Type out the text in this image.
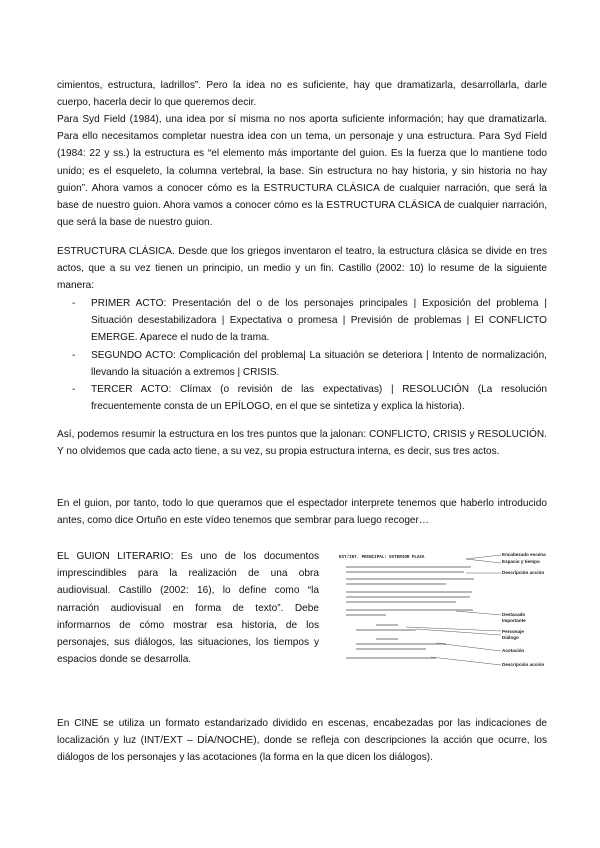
cimientos, estructura, ladrillos”. Pero la idea no es suficiente, hay que dramatizarla, desarrollarla, darle cuerpo, hacerla decir lo que queremos decir.

Para Syd Field (1984), una idea por sí misma no nos aporta suficiente información; hay que dramatizarla. Para ello necesitamos completar nuestra idea con un tema, un personaje y una estructura. Para Syd Field (1984: 22 y ss.) la estructura es “el elemento más importante del guion. Es la fuerza que lo mantiene todo unido; es el esqueleto, la columna vertebral, la base. Sin estructura no hay historia, y sin historia no hay guion”. Ahora vamos a conocer cómo es la ESTRUCTURA CLÁSICA de cualquier narración, que será la base de nuestro guion. Ahora vamos a conocer cómo es la ESTRUCTURA CLÁSICA de cualquier narración, que será la base de nuestro guion.

ESTRUCTURA CLÁSICA. Desde que los griegos inventaron el teatro, la estructura clásica se divide en tres actos, que a su vez tienen un principio, un medio y un fin. Castillo (2002: 10) lo resume de la siguiente manera:

- PRIMER ACTO: Presentación del o de los personajes principales | Exposición del problema | Situación desestabilizadora | Expectativa o promesa | Previsión de problemas | El CONFLICTO EMERGE. Aparece el nudo de la trama.
- SEGUNDO ACTO: Complicación del problema| La situación se deteriora | Intento de normalización, llevando la situación a extremos | CRISIS.
- TERCER ACTO: Clímax (o revisión de las expectativas) | RESOLUCIÓN (La resolución frecuentemente consta de un EPÍLOGO, en el que se sintetiza y explica la historia).

Así, podemos resumir la estructura en los tres puntos que la jalonan: CONFLICTO, CRISIS y RESOLUCIÓN. Y no olvidemos que cada acto tiene, a su vez, su propia estructura interna, es decir, sus tres actos.

En el guion, por tanto, todo lo que queramos que el espectador interprete tenemos que haberlo introducido antes, como dice Ortuño en este vídeo tenemos que sembrar para luego recoger…

EL GUION LITERARIO: Es uno de los documentos imprescindibles para la realización de una obra audiovisual. Castillo (2002: 16), lo define como “la narración audiovisual en forma de texto”. Debe informarnos de cómo mostrar esa historia, de los personajes, sus diálogos, las situaciones, los tiempos y espacios donde se desarrolla.

EXT/INT. PRINCIPAL: EXTERIOR PLAZA
Encabezado escena
Espacio y tiempo
Descripción acción
Destacado
Importante
Personaje
Diálogo
Acotación
Descripción acción

En CINE se utiliza un formato estandarizado dividido en escenas, encabezadas por las indicaciones de localización y luz (INT/EXT – DÍA/NOCHE), donde se refleja con descripciones la acción que ocurre, los diálogos de los personajes y las acotaciones (la forma en la que dicen los diálogos).
